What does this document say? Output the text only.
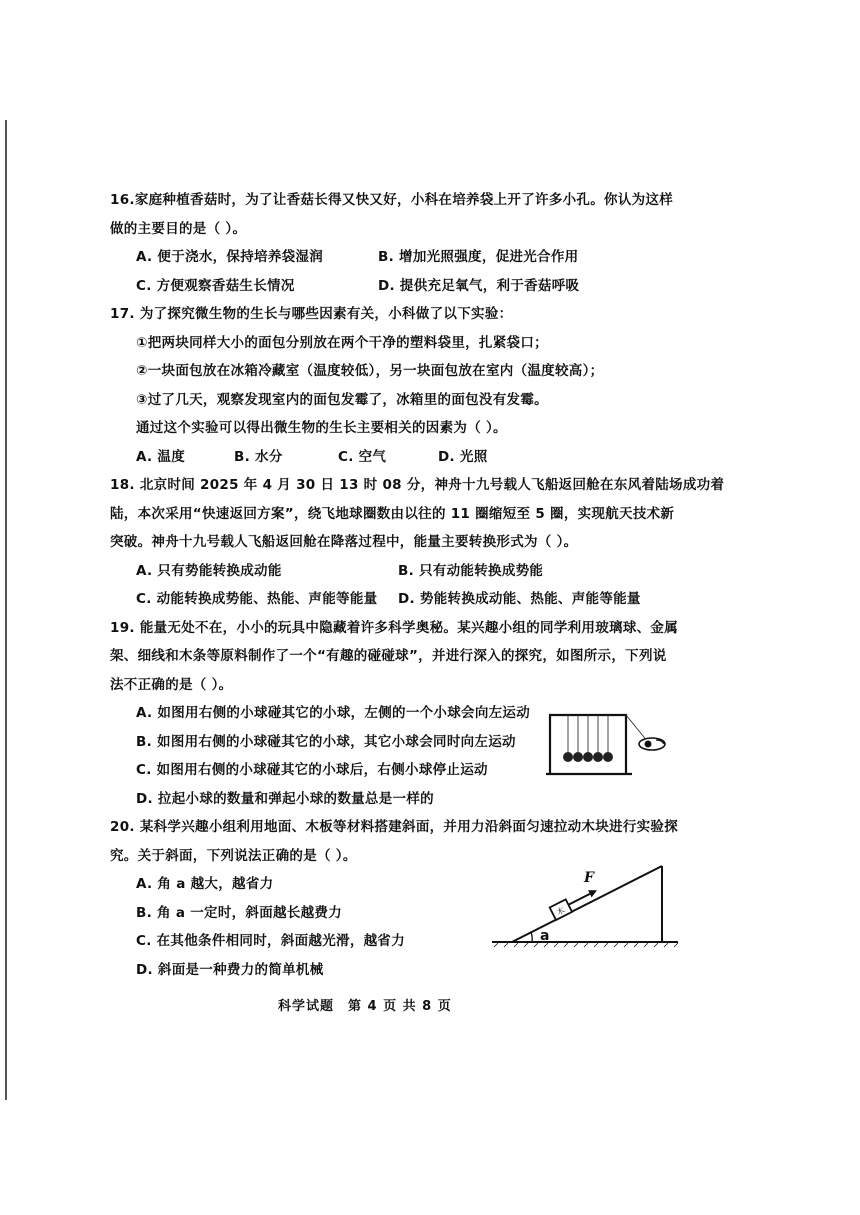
16.家庭种植香菇时，为了让香菇长得又快又好，小科在培养袋上开了许多小孔。你认为这样
做的主要目的是（ ）。
A. 便于浇水，保持培养袋湿润	B. 增加光照强度，促进光合作用
C. 方便观察香菇生长情况	D. 提供充足氧气，利于香菇呼吸
17. 为了探究微生物的生长与哪些因素有关，小科做了以下实验：
①把两块同样大小的面包分别放在两个干净的塑料袋里，扎紧袋口；
②一块面包放在冰箱冷藏室（温度较低），另一块面包放在室内（温度较高）；
③过了几天，观察发现室内的面包发霉了，冰箱里的面包没有发霉。
通过这个实验可以得出微生物的生长主要相关的因素为（ ）。
A. 温度	B. 水分	C. 空气	D. 光照
18. 北京时间 2025 年 4 月 30 日 13 时 08 分，神舟十九号载人飞船返回舱在东风着陆场成功着
陆，本次采用“快速返回方案”，绕飞地球圈数由以往的 11 圈缩短至 5 圈，实现航天技术新
突破。神舟十九号载人飞船返回舱在降落过程中，能量主要转换形式为（ ）。
A. 只有势能转换成动能	B. 只有动能转换成势能
C. 动能转换成势能、热能、声能等能量	D. 势能转换成动能、热能、声能等能量
19. 能量无处不在，小小的玩具中隐藏着许多科学奥秘。某兴趣小组的同学利用玻璃球、金属
架、细线和木条等原料制作了一个“有趣的碰碰球”，并进行深入的探究，如图所示，下列说
法不正确的是（ ）。
A. 如图用右侧的小球碰其它的小球，左侧的一个小球会向左运动
B. 如图用右侧的小球碰其它的小球，其它小球会同时向左运动
C. 如图用右侧的小球碰其它的小球后，右侧小球停止运动
D. 拉起小球的数量和弹起小球的数量总是一样的
20. 某科学兴趣小组利用地面、木板等材料搭建斜面，并用力沿斜面匀速拉动木块进行实验探
究。关于斜面，下列说法正确的是（ ）。
A. 角 a 越大，越省力
B. 角 a 一定时，斜面越长越费力
C. 在其他条件相同时，斜面越光滑，越省力
D. 斜面是一种费力的简单机械
木
F
a
科学试题 第 4 页 共 8 页
